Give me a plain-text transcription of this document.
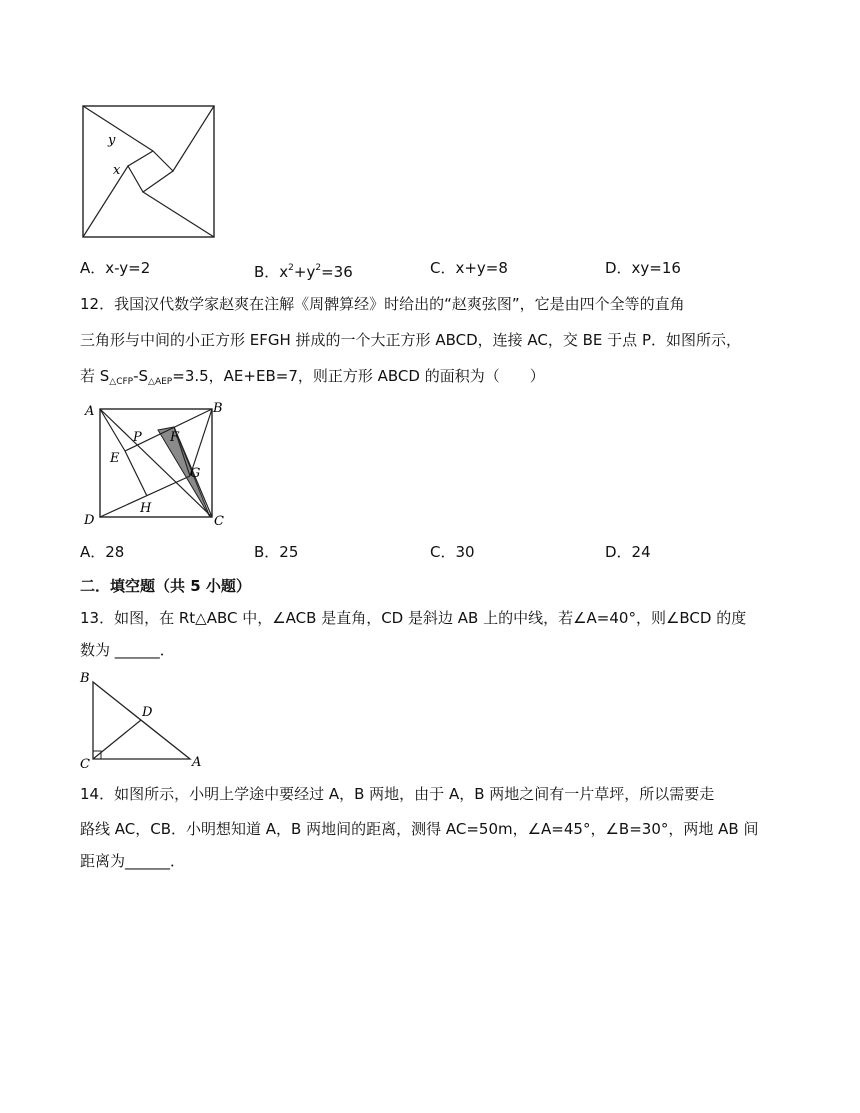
y
x
A．x-y=2	B．$x^2+y^2=36$	C．x+y=8	D．xy=16
12．我国汉代数学家赵爽在注解《周髀算经》时给出的“赵爽弦图”，它是由四个全等的直角
三角形与中间的小正方形 EFGH 拼成的一个大正方形 ABCD，连接 AC，交 BE 于点 P．如图所示，
若 $S_{\triangle CFP}-S_{\triangle AEP}=3.5$，AE+EB=7，则正方形 ABCD 的面积为（　　）
A	B
C
D
E
F
G
H
P
A．28	B．25	C．30	D．24
二．填空题（共 5 小题）
13．如图，在 Rt△ABC 中，∠ACB 是直角，CD 是斜边 AB 上的中线，若∠A=40°，则∠BCD 的度
数为 ______．
B
D
C	A
14．如图所示，小明上学途中要经过 A，B 两地，由于 A，B 两地之间有一片草坪，所以需要走
路线 AC，CB．小明想知道 A，B 两地间的距离，测得 AC=50m，∠A=45°，∠B=30°，两地 AB 间
距离为______．
